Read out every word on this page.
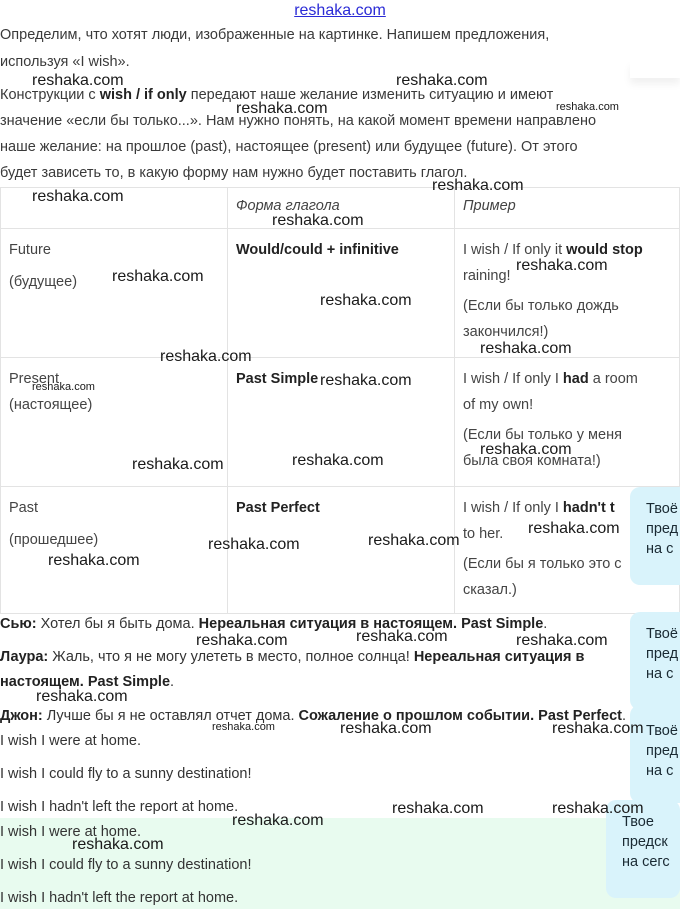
reshaka.com

Определим, что хотят люди, изображенные на картинке. Напишем предложения,

используя «I wish».

Конструкции с wish / if only передают наше желание изменить ситуацию и имеют

значение «если бы только...». Нам нужно понять, на какой момент времени направлено

наше желание: на прошлое (past), настоящее (present) или будущее (future). От этого

будет зависеть то, в какую форму нам нужно будет поставить глагол.

	Форма глагола	Пример

Future
(будущее)	Would/could + infinitive	I wish / If only it would stop
raining!
(Если бы только дождь
закончился!)

Present
(настоящее)	Past Simple	I wish / If only I had a room
of my own!
(Если бы только у меня
была своя комната!)

Past
(прошедшее)	Past Perfect	I wish / If only I hadn't t
to her.
(Если бы я только это с
сказал.)
Сью: Хотел бы я быть дома. Нереальная ситуация в настоящем. Past Simple.
Лаура: Жаль, что я не могу улететь в место, полное солнца! Нереальная ситуация в
настоящем. Past Simple.
Джон: Лучше бы я не оставлял отчет дома. Сожаление о прошлом событии. Past Perfect.
I wish I were at home.
I wish I could fly to a sunny destination!
I wish I hadn't left the report at home.
I wish I were at home.
I wish I could fly to a sunny destination!
I wish I hadn't left the report at home.
Твоё
пред
на с
Твоё
пред
на с
Твоё
пред
на с
Твое
предск
на сегс
reshaka.com	reshaka.com
reshaka.com	reshaka.com
reshaka.com
reshaka.com
reshaka.com
reshaka.com
reshaka.com
reshaka.com
reshaka.com
reshaka.com
reshaka.com	reshaka.com
reshaka.com
reshaka.com
reshaka.com
reshaka.com
reshaka.com
reshaka.com
reshaka.com
reshaka.com
reshaka.com	reshaka.com
reshaka.com
reshaka.com	reshaka.com	reshaka.com
reshaka.com	reshaka.com
reshaka.com
reshaka.com
